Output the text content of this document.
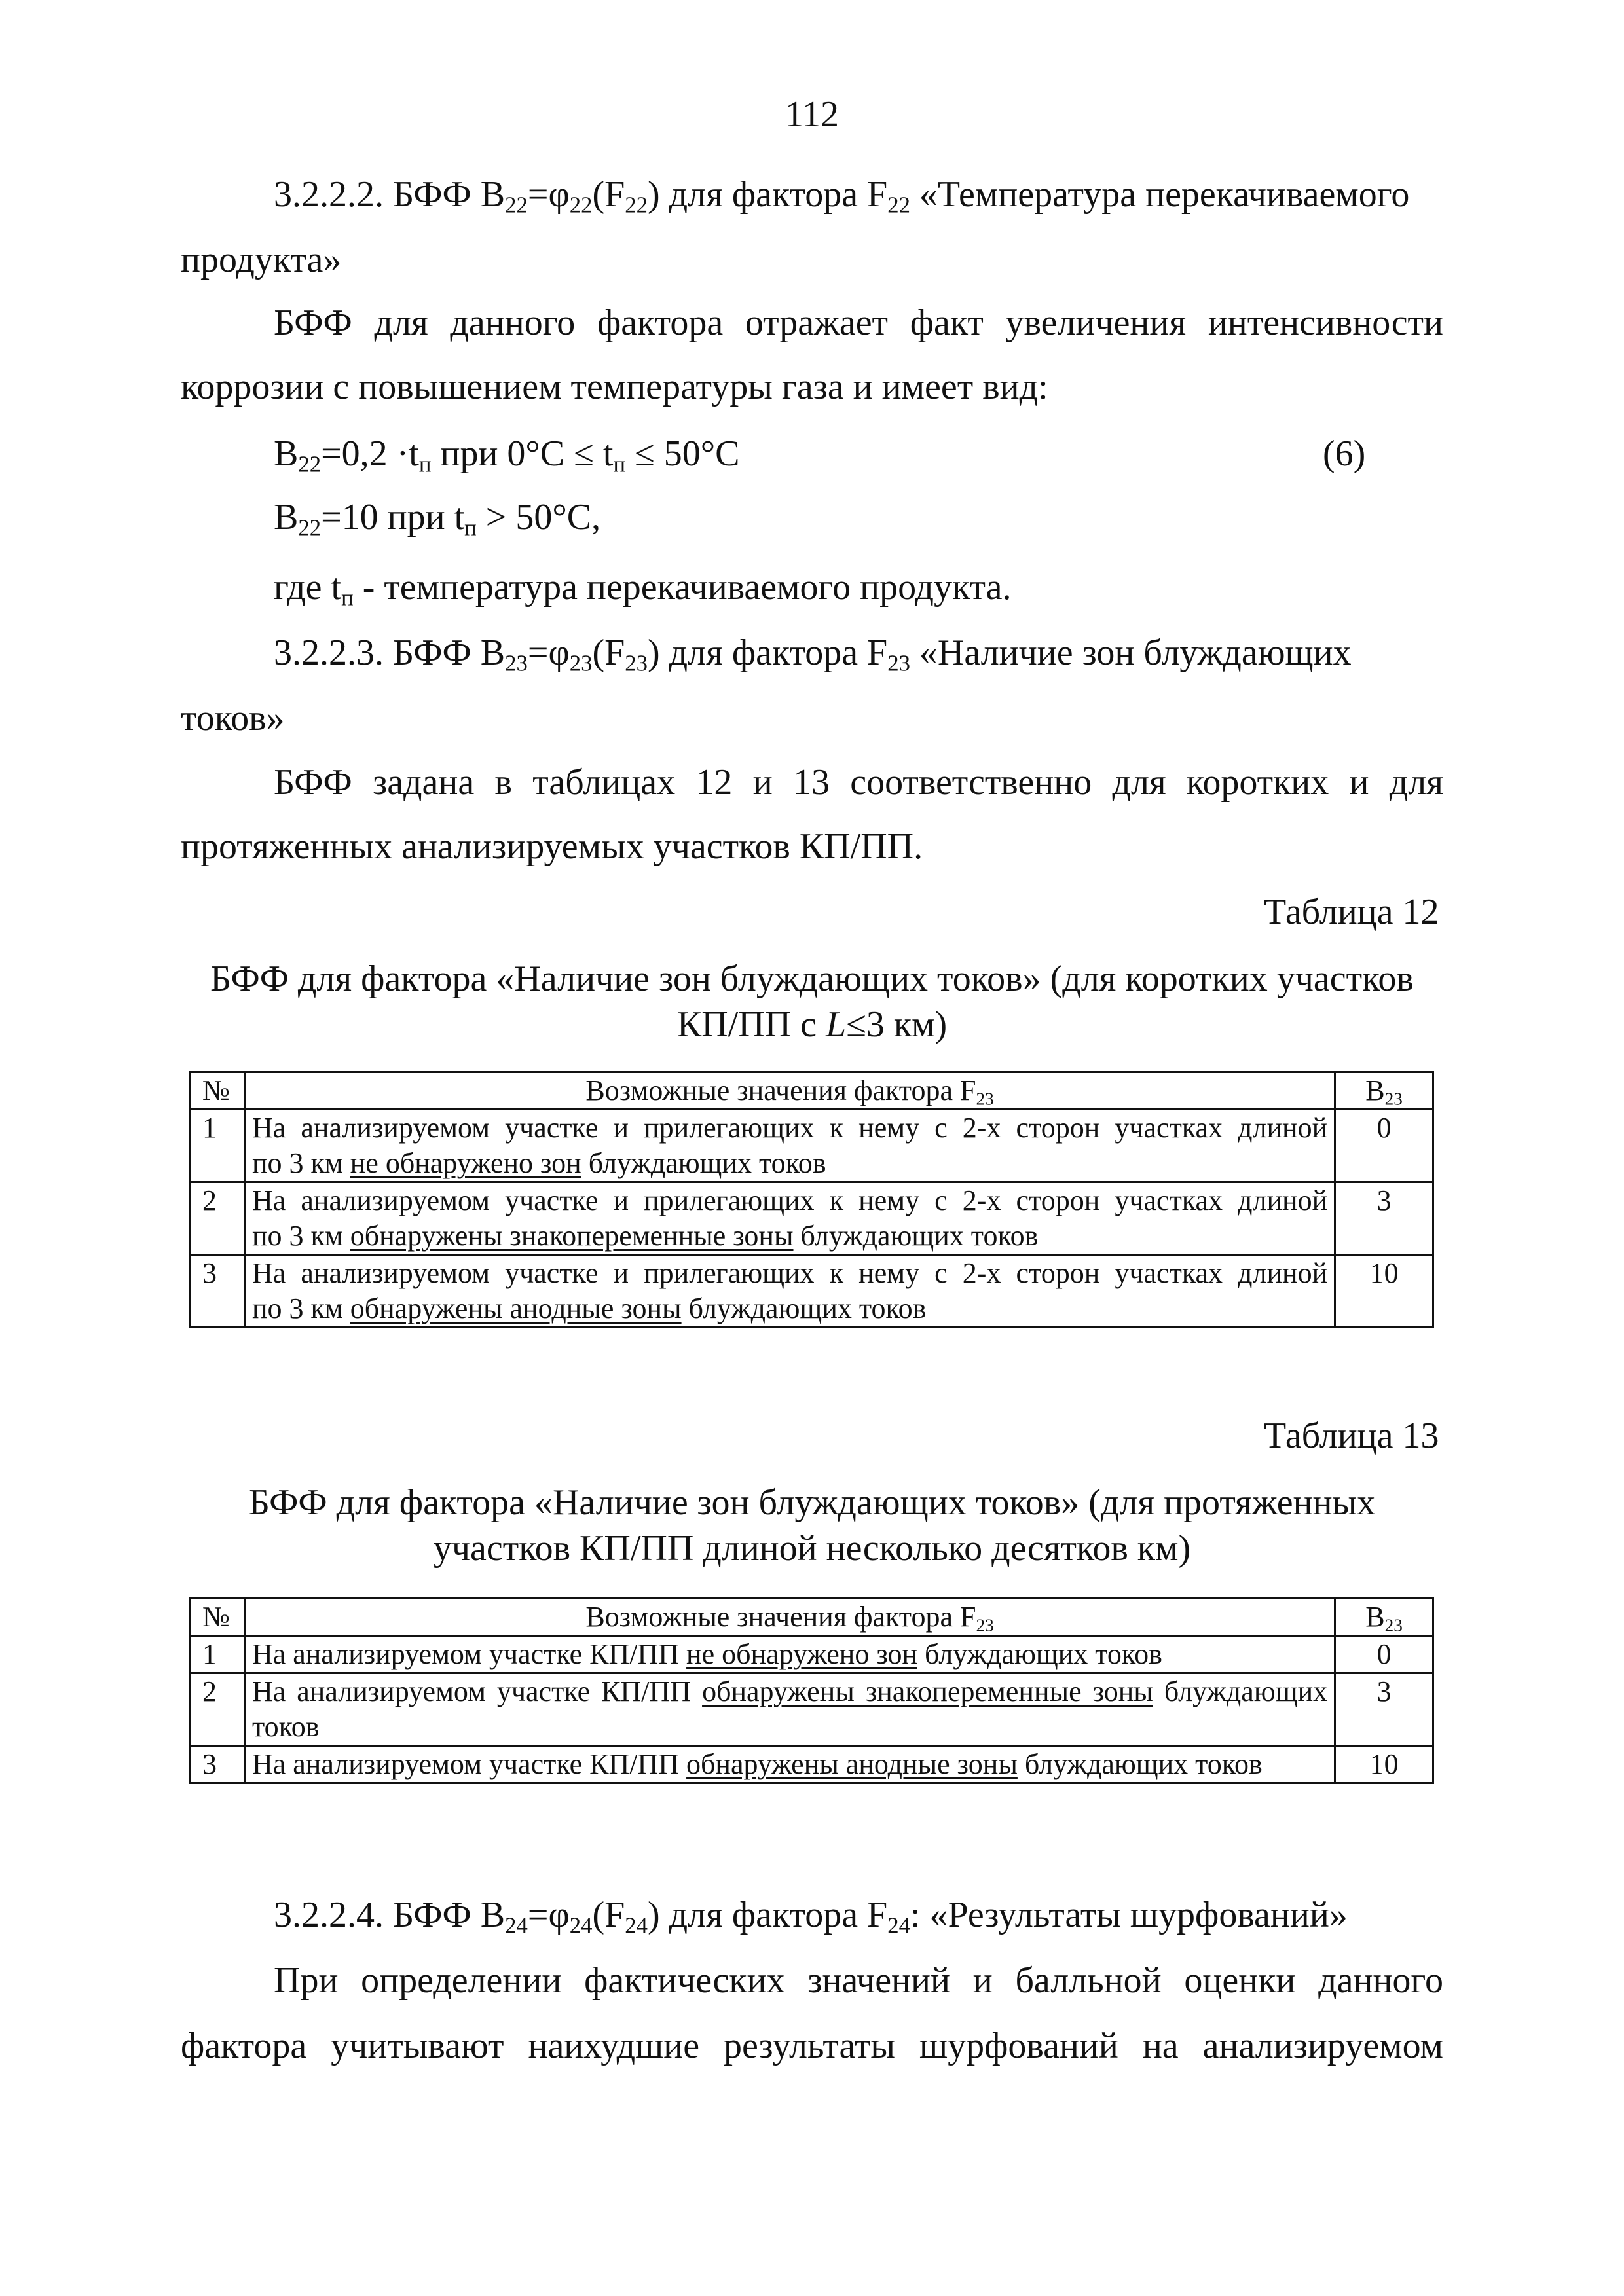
112
3.2.2.2. БФФ $B_{22}=\varphi_{22}(F_{22})$ для фактора $F_{22}$ «Температура перекачиваемого
продукта»
БФФ для данного фактора отражает факт увеличения интенсивности
коррозии с повышением температуры газа и имеет вид:
$B_{22}=0,2 \cdot t_п$ при $0^\circ C \le t_п \le 50^\circ C$	(6)
$B_{22}=10$ при $t_п > 50^\circ C$,
где $t_п$ - температура перекачиваемого продукта.
3.2.2.3. БФФ $B_{23}=\varphi_{23}(F_{23})$ для фактора $F_{23}$ «Наличие зон блуждающих
токов»
БФФ задана в таблицах 12 и 13 соответственно для коротких и для
протяженных анализируемых участков КП/ПП.
Таблица 12
БФФ для фактора «Наличие зон блуждающих токов» (для коротких участков
КП/ПП с L≤3 км)
№	Возможные значения фактора $F_{23}$	$B_{23}$
1	На анализируемом участке и прилегающих к нему с 2-х сторон участках длиной
по 3 км не обнаружено зон блуждающих токов	0
2	На анализируемом участке и прилегающих к нему с 2-х сторон участках длиной
по 3 км обнаружены знакопеременные зоны блуждающих токов	3
3	На анализируемом участке и прилегающих к нему с 2-х сторон участках длиной
по 3 км обнаружены анодные зоны блуждающих токов	10
Таблица 13
БФФ для фактора «Наличие зон блуждающих токов» (для протяженных
участков КП/ПП длиной несколько десятков км)
№	Возможные значения фактора $F_{23}$	$B_{23}$
1	На анализируемом участке КП/ПП не обнаружено зон блуждающих токов	0
2	На анализируемом участке КП/ПП обнаружены знакопеременные зоны блуждающих токов	3
3	На анализируемом участке КП/ПП обнаружены анодные зоны блуждающих токов	10
3.2.2.4. БФФ $B_{24}=\varphi_{24}(F_{24})$ для фактора $F_{24}$: «Результаты шурфований»
При определении фактических значений и балльной оценки данного
фактора учитывают наихудшие результаты шурфований на анализируемом
